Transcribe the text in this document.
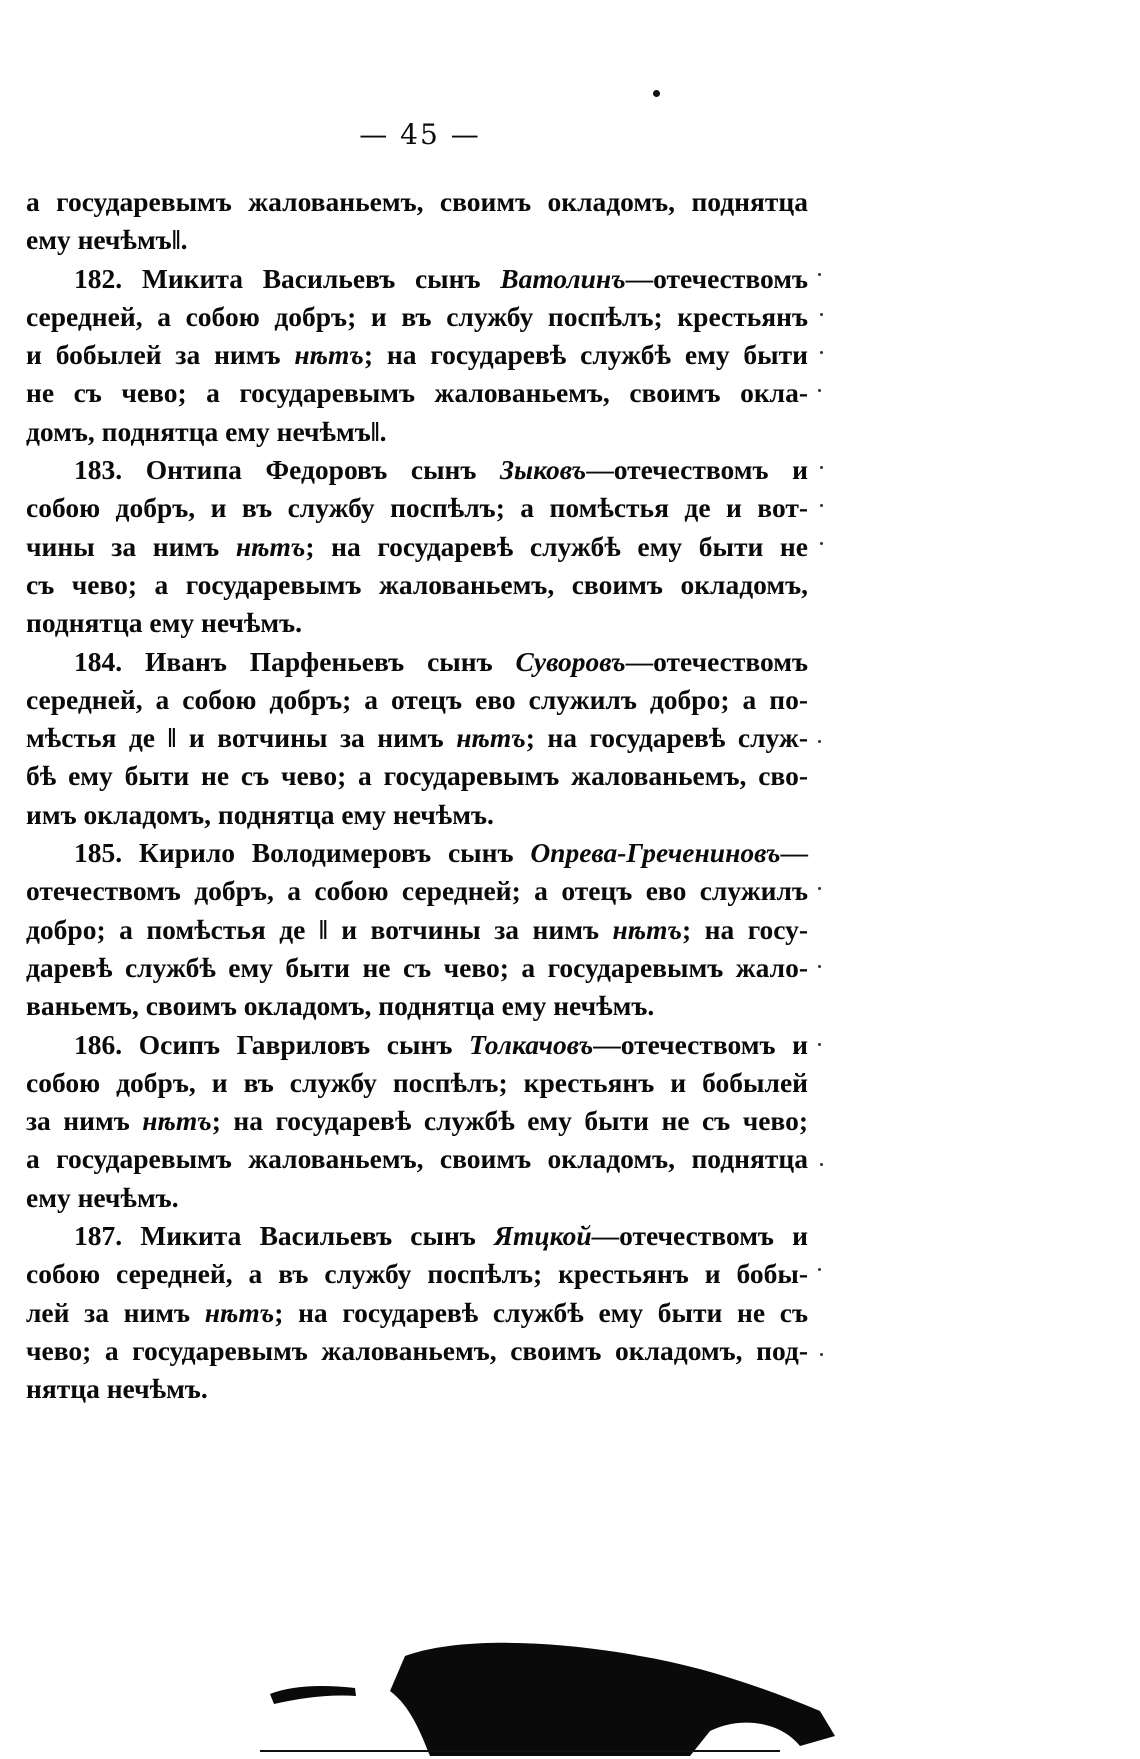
— 45 —
а государевымъ жалованьемъ, своимъ окладомъ, поднятца
ему нечѣмъ‖.
182. Микита Васильевъ сынъ Ватолинъ—отечествомъ
середней, а собою добръ; и въ службу поспѣлъ; крестьянъ
и бобылей за нимъ нѣтъ; на государевѣ службѣ ему быти
не съ чево; а государевымъ жалованьемъ, своимъ окла-
домъ, поднятца ему нечѣмъ‖.
183. Онтипа Федоровъ сынъ Зыковъ—отечествомъ и
собою добръ, и въ службу поспѣлъ; а помѣстья де и вот-
чины за нимъ нѣтъ; на государевѣ службѣ ему быти не
съ чево; а государевымъ жалованьемъ, своимъ окладомъ,
поднятца ему нечѣмъ.
184. Иванъ Парфеньевъ сынъ Суворовъ—отечествомъ
середней, а собою добръ; а отецъ ево служилъ добро; а по-
мѣстья де ‖ и вотчины за нимъ нѣтъ; на государевѣ служ-
бѣ ему быти не съ чево; а государевымъ жалованьемъ, сво-
имъ окладомъ, поднятца ему нечѣмъ.
185. Кирило Володимеровъ сынъ Опрева-Гречениновъ—
отечествомъ добръ, а собою середней; а отецъ ево служилъ
добро; а помѣстья де ‖ и вотчины за нимъ нѣтъ; на госу-
даревѣ службѣ ему быти не съ чево; а государевымъ жало-
ваньемъ, своимъ окладомъ, поднятца ему нечѣмъ.
186. Осипъ Гавриловъ сынъ Толкачовъ—отечествомъ и
собою добръ, и въ службу поспѣлъ; крестьянъ и бобылей
за нимъ нѣтъ; на государевѣ службѣ ему быти не съ чево;
а государевымъ жалованьемъ, своимъ окладомъ, поднятца
ему нечѣмъ.
187. Микита Васильевъ сынъ Ятцкой—отечествомъ и
собою середней, а въ службу поспѣлъ; крестьянъ и бобы-
лей за нимъ нѣтъ; на государевѣ службѣ ему быти не съ
чево; а государевымъ жалованьемъ, своимъ окладомъ, под-
нятца нечѣмъ.
